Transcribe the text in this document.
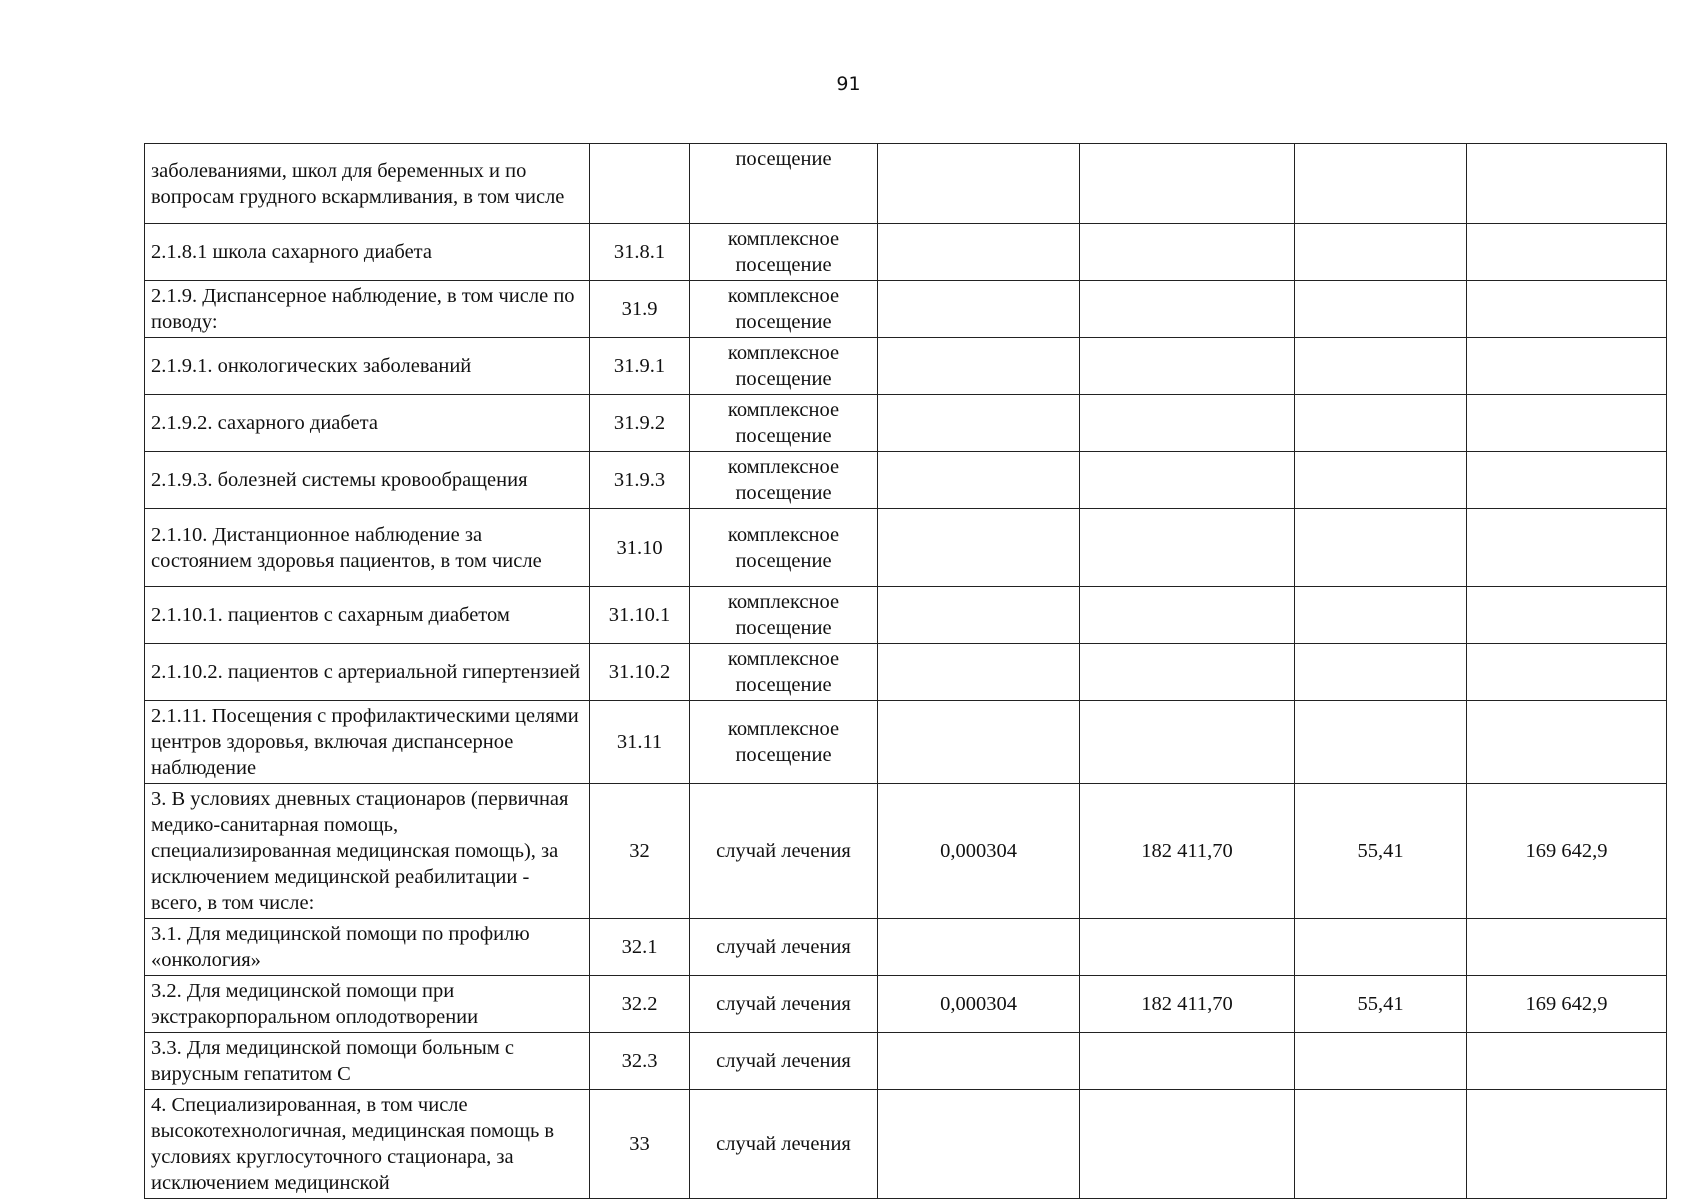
91
заболеваниями, школ для беременных и по вопросам грудного вскармливания, в том числе		посещение				
2.1.8.1 школа сахарного диабета	31.8.1	комплексное посещение				
2.1.9. Диспансерное наблюдение, в том числе по поводу:	31.9	комплексное посещение				
2.1.9.1. онкологических заболеваний	31.9.1	комплексное посещение				
2.1.9.2. сахарного диабета	31.9.2	комплексное посещение				
2.1.9.3. болезней системы кровообращения	31.9.3	комплексное посещение				
2.1.10. Дистанционное наблюдение за состоянием здоровья пациентов, в том числе	31.10	комплексное посещение				
2.1.10.1. пациентов с сахарным диабетом	31.10.1	комплексное посещение				
2.1.10.2. пациентов с артериальной гипертензией	31.10.2	комплексное посещение				
2.1.11. Посещения с профилактическими целями центров здоровья, включая диспансерное наблюдение	31.11	комплексное посещение				
3. В условиях дневных стационаров (первичная медико-санитарная помощь, специализированная медицинская помощь), за исключением медицинской реабилитации - всего, в том числе:	32	случай лечения	0,000304	182 411,70	55,41	169 642,9
3.1. Для медицинской помощи по профилю «онкология»	32.1	случай лечения				
3.2. Для медицинской помощи при экстракорпоральном оплодотворении	32.2	случай лечения	0,000304	182 411,70	55,41	169 642,9
3.3. Для медицинской помощи больным с вирусным гепатитом С	32.3	случай лечения				
4. Специализированная, в том числе высокотехнологичная, медицинская помощь в условиях круглосуточного стационара, за исключением медицинской	33	случай лечения				
